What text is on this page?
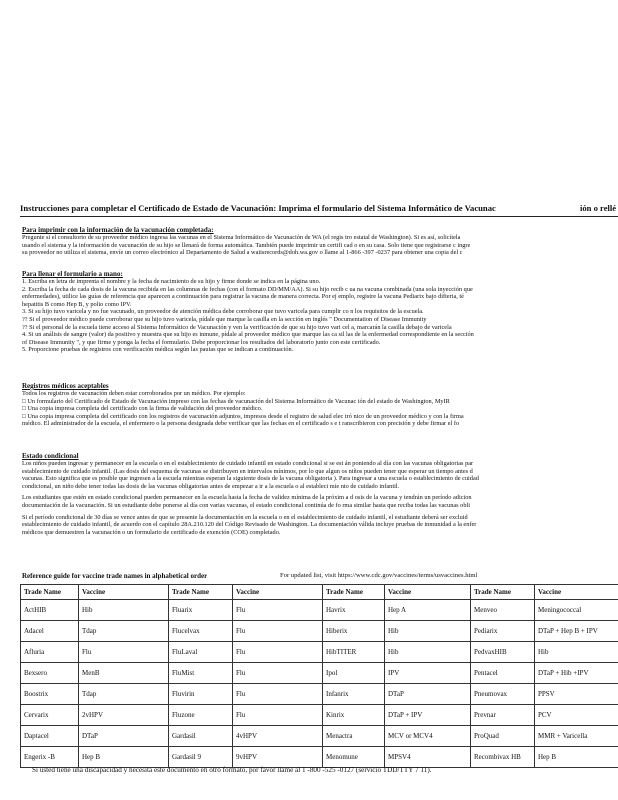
Instrucciones para completar el Certificado de Estado de Vacunación: Imprima el formulario del Sistema Informático de Vacunac	ión o rellé
Para imprimir con la información de la vacunación completada:
Pregunte si el consultorio de su proveedor médico ingresa las vacunas en el Sistema Informático de Vacunación de WA (el regis tro estatal de Washington). Si es así, solicítela
usando el sistema y la información de vacunación de su hijo se llenará de forma automática. También puede imprimir un certifi cad o en su casa. Solo tiene que registrarse c ingre
su proveedor no utiliza el sistema, envíe un correo electrónico al Departamento de Salud a waiisrecords@doh.wa.gov o llame al 1-866 -397 -0237 para obtener una copia del c
Para llenar el formulario a mano:
1. Escriba en letra de imprenta el nombre y la fecha de nacimiento de su hijo y firme donde se indica en la página uno.
2. Escriba la fecha de cada dosis de la vacuna recibida en las columnas de fechas (con el formato DD/MM/AA). Si su hijo recib c ua na vacuna combinada (una sola inyección que
enfermedades), utilice las guías de referencia que aparecen a continuación para registrar la vacuna de manera correcta. Por ej emplo, registre la vacuna Pediarix bajo difteria, té
hepatitis B como Hep B, y polio como IPV.
3. Si su hijo tuvo varicela y no fue vacunado, un proveedor de atención médica debe corroborar que tuvo varicela para cumplir co n los requisitos de la escuela.
?? Si el proveedor médico puede corroborar que su hijo tuvo varicela, pídale que marque la casilla en la sección en inglés " Documentation of Disease Immunity
?? Si el personal de la escuela tiene acceso al Sistema Informático de Vacunación y ven la verificación de que su hijo tuvo vari cel a, marcarán la casilla debajo de varicela
4. Si un análisis de sangre (valor) da positivo y muestra que su hijo es inmune, pídale al proveedor médico que marque las ca sil las de la enfermedad correspondiente en la sección
of Disease Immunity ", y que firme y ponga la fecha el formulario. Debe proporcionar los resultados del laboratorio junto con este certificado.
5. Proporcione pruebas de registros con verificación médica según las pautas que se indican a continuación.
Registros médicos aceptables
Todos los registros de vacunación deben estar corroborados por un médico. Por ejemplo:
□ Un formulario del Certificado de Estado de Vacunación impreso con las fechas de vacunación del Sistema Informático de Vacunac ión del estado de Washington, MyIR
□ Una copia impresa completa del certificado con la firma de validación del proveedor médico.
□ Una copia impresa completa del certificado con los registros de vacunación adjuntos, impresos desde el registro de salud elec tró nico de un proveedor médico y con la firma
médico. El administrador de la escuela, el enfermero o la persona designada debe verificar que las fechas en el certificado s e t ranscribieron con precisión y debe firmar el fo
Estado condicional
Los niños pueden ingresar y permanecer en la escuela o en el establecimiento de cuidado infantil en estado condicional si se est án poniendo al día con las vacunas obligatorias par
establecimiento de cuidado infantil. (Las dosis del esquema de vacunas se distribuyen en intervalos mínimos, por lo que algun os niños pueden tener que esperar un tiempo antes d
vacunas. Esto significa que es posible que ingresen a la escuela mientras esperan la siguiente dosis de la vacuna obligatoria ). Para ingresar a una escuela o establecimiento de cuidad
condicional, un niño debe tener todas las dosis de las vacunas obligatorias antes de empezar a ir a la escuela o al estableci mie nto de cuidado infantil.
Los estudiantes que estén en estado condicional pueden permanecer en la escuela hasta la fecha de validez mínima de la próxim a d osis de la vacuna y tendrán un período adicion
documentación de la vacunación. Si un estudiante debe ponerse al día con varias vacunas, el estado condicional continúa de fo rma similar hasta que reciba todas las vacunas obli
Si el período condicional de 30 días se vence antes de que se presente la documentación en la escuela o en el establecimiento de cuidado infantil, el estudiante deberá ser excluid
establecimiento de cuidado infantil, de acuerdo con el capítulo 28A.210.120 del Código Revisado de Washington. La documentación válida incluye pruebas de inmunidad a la enfer
médicos que demuestren la vacunación o un formulario de certificado de exención (COE) completado.
Reference guide for vaccine trade names in alphabetical order	For updated list, visit https://www.cdc.gov/vaccines/terms/usvaccines.html
Trade Name	Vaccine	Trade Name	Vaccine	Trade Name	Vaccine	Trade Name	Vaccine
ActHIB	Hib	Fluarix	Flu	Havrix	Hep A	Menveo	Meningococcal
Adacel	Tdap	Flucelvax	Flu	Hiberix	Hib	Pediarix	DTaP + Hep B + IPV
Afluria	Flu	FluLaval	Flu	HibTITER	Hib	PedvaxHIB	Hib
Bexsero	MenB	FluMist	Flu	Ipol	IPV	Pentacel	DTaP + Hib +IPV
Boostrix	Tdap	Fluvirin	Flu	Infanrix	DTaP	Pneumovax	PPSV
Cervarix	2vHPV	Fluzone	Flu	Kinrix	DTaP + IPV	Prevnar	PCV
Daptacel	DTaP	Gardasil	4vHPV	Menactra	MCV or MCV4	ProQuad	MMR + Varicella
Engerix -B	Hep B	Gardasil 9	9vHPV	Menomune	MPSV4	Recombivax HB	Hep B
Si usted tiene una discapacidad y necesita este documento en otro formato, por favor llame al 1 -800 -525 -0127 (servicio TDD/TTY 7 11).
